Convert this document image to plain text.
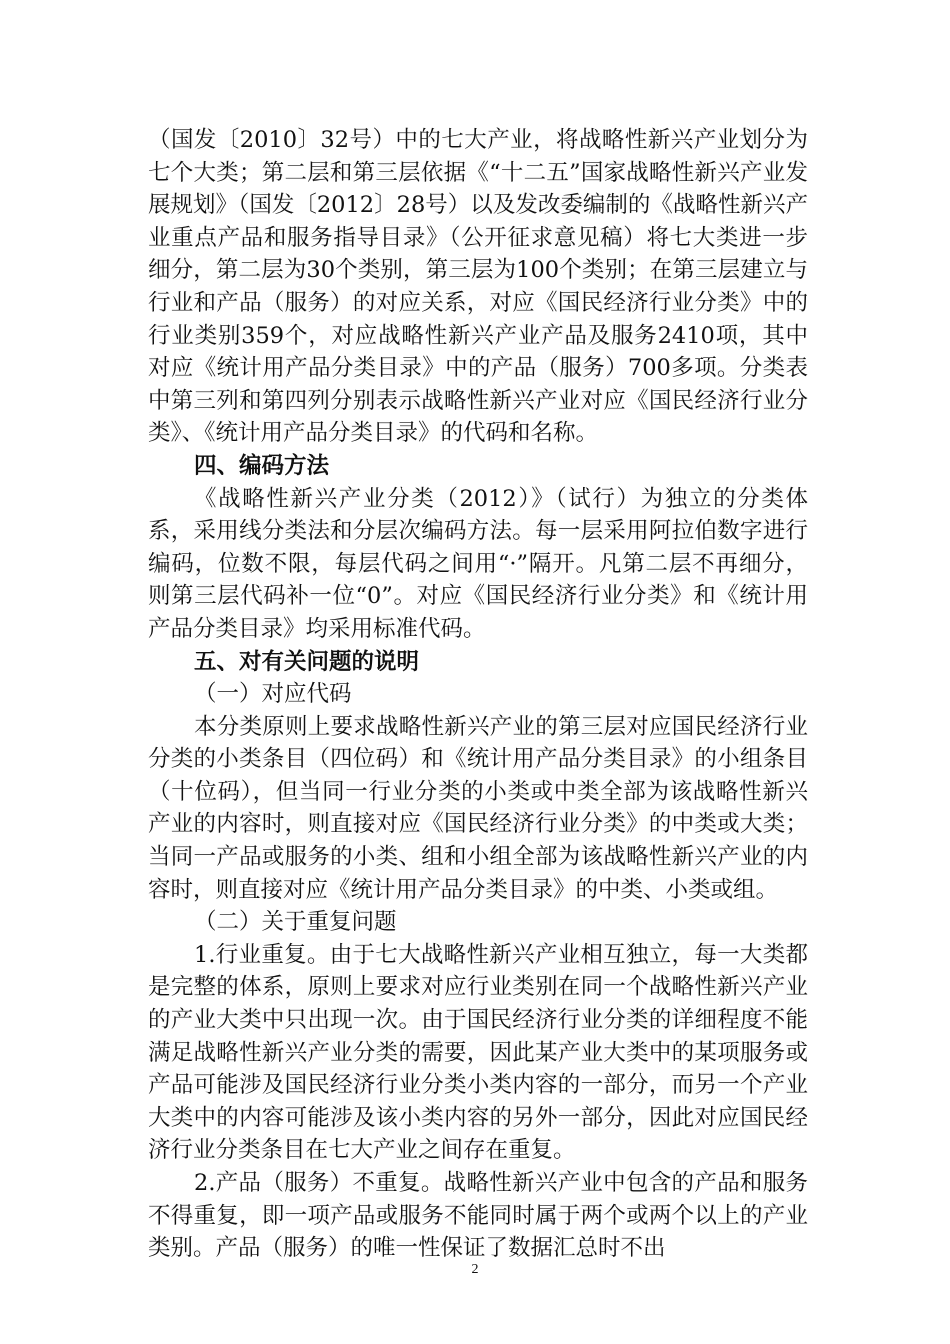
（国发〔2010〕32号）中的七大产业，将战略性新兴产业划分为七个大类；第二层和第三层依据《“十二五”国家战略性新兴产业发展规划》（国发〔2012〕28号）以及发改委编制的《战略性新兴产业重点产品和服务指导目录》（公开征求意见稿）将七大类进一步细分，第二层为30个类别，第三层为100个类别；在第三层建立与行业和产品（服务）的对应关系，对应《国民经济行业分类》中的行业类别359个，对应战略性新兴产业产品及服务2410项，其中对应《统计用产品分类目录》中的产品（服务）700多项。分类表中第三列和第四列分别表示战略性新兴产业对应《国民经济行业分类》、《统计用产品分类目录》的代码和名称。

四、编码方法

《战略性新兴产业分类（2012）》（试行）为独立的分类体系，采用线分类法和分层次编码方法。每一层采用阿拉伯数字进行编码，位数不限，每层代码之间用“·”隔开。凡第二层不再细分，则第三层代码补一位“0”。对应《国民经济行业分类》和《统计用产品分类目录》均采用标准代码。

五、对有关问题的说明

（一）对应代码

本分类原则上要求战略性新兴产业的第三层对应国民经济行业分类的小类条目（四位码）和《统计用产品分类目录》的小组条目（十位码），但当同一行业分类的小类或中类全部为该战略性新兴产业的内容时，则直接对应《国民经济行业分类》的中类或大类；当同一产品或服务的小类、组和小组全部为该战略性新兴产业的内容时，则直接对应《统计用产品分类目录》的中类、小类或组。

（二）关于重复问题

1.行业重复。由于七大战略性新兴产业相互独立，每一大类都是完整的体系，原则上要求对应行业类别在同一个战略性新兴产业的产业大类中只出现一次。由于国民经济行业分类的详细程度不能满足战略性新兴产业分类的需要，因此某产业大类中的某项服务或产品可能涉及国民经济行业分类小类内容的一部分，而另一个产业大类中的内容可能涉及该小类内容的另外一部分，因此对应国民经济行业分类条目在七大产业之间存在重复。

2.产品（服务）不重复。战略性新兴产业中包含的产品和服务不得重复，即一项产品或服务不能同时属于两个或两个以上的产业类别。产品（服务）的唯一性保证了数据汇总时不出

2
